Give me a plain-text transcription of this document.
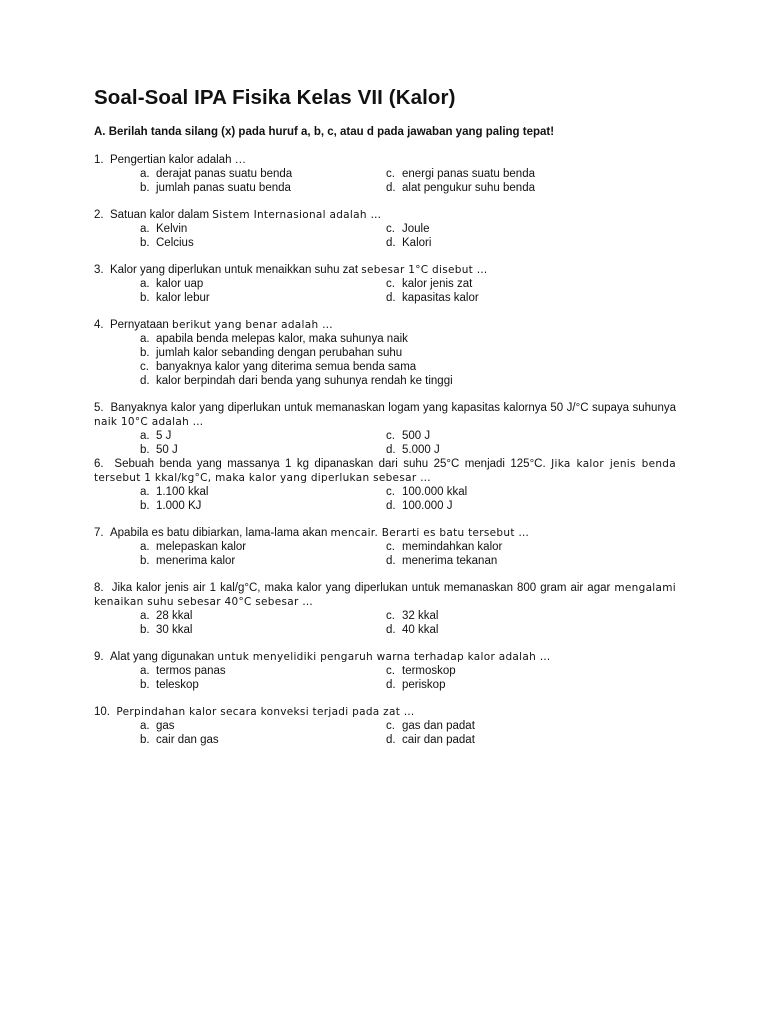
Soal-Soal IPA Fisika Kelas VII (Kalor)
A. Berilah tanda silang (x) pada huruf a, b, c, atau d pada jawaban yang paling tepat!
1. Pengertian kalor adalah …
a. derajat panas suatu benda	c. energi panas suatu benda
b. jumlah panas suatu benda	d. alat pengukur suhu benda
2. Satuan kalor dalam Sistem Internasional adalah …
a. Kelvin	c. Joule
b. Celcius	d. Kalori
3. Kalor yang diperlukan untuk menaikkan suhu zat sebesar 1°C disebut …
a. kalor uap	c. kalor jenis zat
b. kalor lebur	d. kapasitas kalor
4. Pernyataan berikut yang benar adalah …
a. apabila benda melepas kalor, maka suhunya naik
b. jumlah kalor sebanding dengan perubahan suhu
c. banyaknya kalor yang diterima semua benda sama
d. kalor berpindah dari benda yang suhunya rendah ke tinggi
5. Banyaknya kalor yang diperlukan untuk memanaskan logam yang kapasitas kalornya 50 J/°C supaya suhunya naik 10°C adalah …
a. 5 J	c. 500 J
b. 50 J	d. 5.000 J
6. Sebuah benda yang massanya 1 kg dipanaskan dari suhu 25°C menjadi 125°C. Jika kalor jenis benda tersebut 1 kkal/kg°C, maka kalor yang diperlukan sebesar …
a. 1.100 kkal	c. 100.000 kkal
b. 1.000 KJ	d. 100.000 J
7. Apabila es batu dibiarkan, lama-lama akan mencair. Berarti es batu tersebut …
a. melepaskan kalor	c. memindahkan kalor
b. menerima kalor	d. menerima tekanan
8. Jika kalor jenis air 1 kal/g°C, maka kalor yang diperlukan untuk memanaskan 800 gram air agar mengalami kenaikan suhu sebesar 40°C sebesar …
a. 28 kkal	c. 32 kkal
b. 30 kkal	d. 40 kkal
9. Alat yang digunakan untuk menyelidiki pengaruh warna terhadap kalor adalah …
a. termos panas	c. termoskop
b. teleskop	d. periskop
10. Perpindahan kalor secara konveksi terjadi pada zat …
a. gas	c. gas dan padat
b. cair dan gas	d. cair dan padat
